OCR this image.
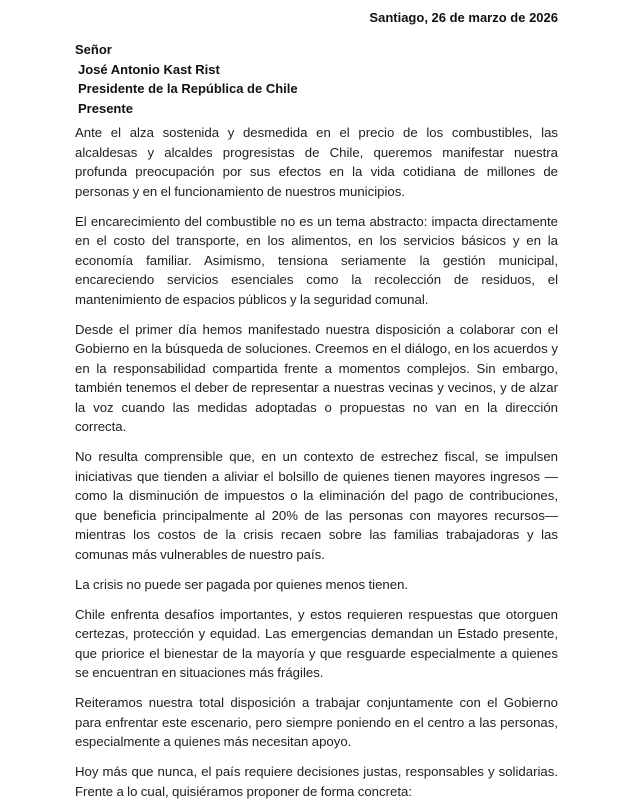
Santiago, 26 de marzo de 2026
Señor
José Antonio Kast Rist
Presidente de la República de Chile
Presente

Ante el alza sostenida y desmedida en el precio de los combustibles, las alcaldesas y alcaldes progresistas de Chile, queremos manifestar nuestra profunda preocupación por sus efectos en la vida cotidiana de millones de personas y en el funcionamiento de nuestros municipios.

El encarecimiento del combustible no es un tema abstracto: impacta directamente en el costo del transporte, en los alimentos, en los servicios básicos y en la economía familiar. Asimismo, tensiona seriamente la gestión municipal, encareciendo servicios esenciales como la recolección de residuos, el mantenimiento de espacios públicos y la seguridad comunal.

Desde el primer día hemos manifestado nuestra disposición a colaborar con el Gobierno en la búsqueda de soluciones. Creemos en el diálogo, en los acuerdos y en la responsabilidad compartida frente a momentos complejos. Sin embargo, también tenemos el deber de representar a nuestras vecinas y vecinos, y de alzar la voz cuando las medidas adoptadas o propuestas no van en la dirección correcta.

No resulta comprensible que, en un contexto de estrechez fiscal, se impulsen iniciativas que tienden a aliviar el bolsillo de quienes tienen mayores ingresos —como la disminución de impuestos o la eliminación del pago de contribuciones, que beneficia principalmente al 20% de las personas con mayores recursos— mientras los costos de la crisis recaen sobre las familias trabajadoras y las comunas más vulnerables de nuestro país.

La crisis no puede ser pagada por quienes menos tienen.

Chile enfrenta desafíos importantes, y estos requieren respuestas que otorguen certezas, protección y equidad. Las emergencias demandan un Estado presente, que priorice el bienestar de la mayoría y que resguarde especialmente a quienes se encuentran en situaciones más frágiles.

Reiteramos nuestra total disposición a trabajar conjuntamente con el Gobierno para enfrentar este escenario, pero siempre poniendo en el centro a las personas, especialmente a quienes más necesitan apoyo.

Hoy más que nunca, el país requiere decisiones justas, responsables y solidarias. Frente a lo cual, quisiéramos proponer de forma concreta:
